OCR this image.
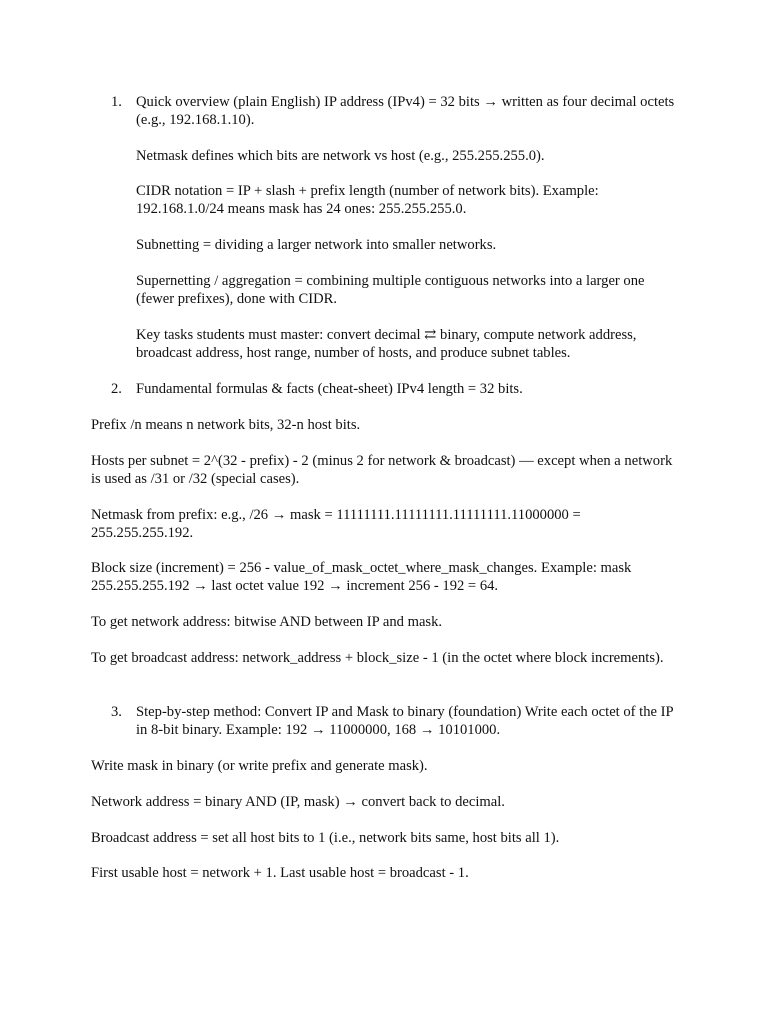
1. Quick overview (plain English) IP address (IPv4) = 32 bits → written as four decimal octets (e.g., 192.168.1.10).

Netmask defines which bits are network vs host (e.g., 255.255.255.0).

CIDR notation = IP + slash + prefix length (number of network bits). Example: 192.168.1.0/24 means mask has 24 ones: 255.255.255.0.

Subnetting = dividing a larger network into smaller networks.

Supernetting / aggregation = combining multiple contiguous networks into a larger one (fewer prefixes), done with CIDR.

Key tasks students must master: convert decimal ⇄ binary, compute network address, broadcast address, host range, number of hosts, and produce subnet tables.

2. Fundamental formulas & facts (cheat-sheet) IPv4 length = 32 bits.

Prefix /n means n network bits, 32-n host bits.

Hosts per subnet = 2^(32 - prefix) - 2 (minus 2 for network & broadcast) — except when a network is used as /31 or /32 (special cases).

Netmask from prefix: e.g., /26 → mask = 11111111.11111111.11111111.11000000 = 255.255.255.192.

Block size (increment) = 256 - value_of_mask_octet_where_mask_changes. Example: mask 255.255.255.192 → last octet value 192 → increment 256 - 192 = 64.

To get network address: bitwise AND between IP and mask.

To get broadcast address: network_address + block_size - 1 (in the octet where block increments).

3. Step-by-step method: Convert IP and Mask to binary (foundation) Write each octet of the IP in 8-bit binary. Example: 192 → 11000000, 168 → 10101000.

Write mask in binary (or write prefix and generate mask).

Network address = binary AND (IP, mask) → convert back to decimal.

Broadcast address = set all host bits to 1 (i.e., network bits same, host bits all 1).

First usable host = network + 1. Last usable host = broadcast - 1.
